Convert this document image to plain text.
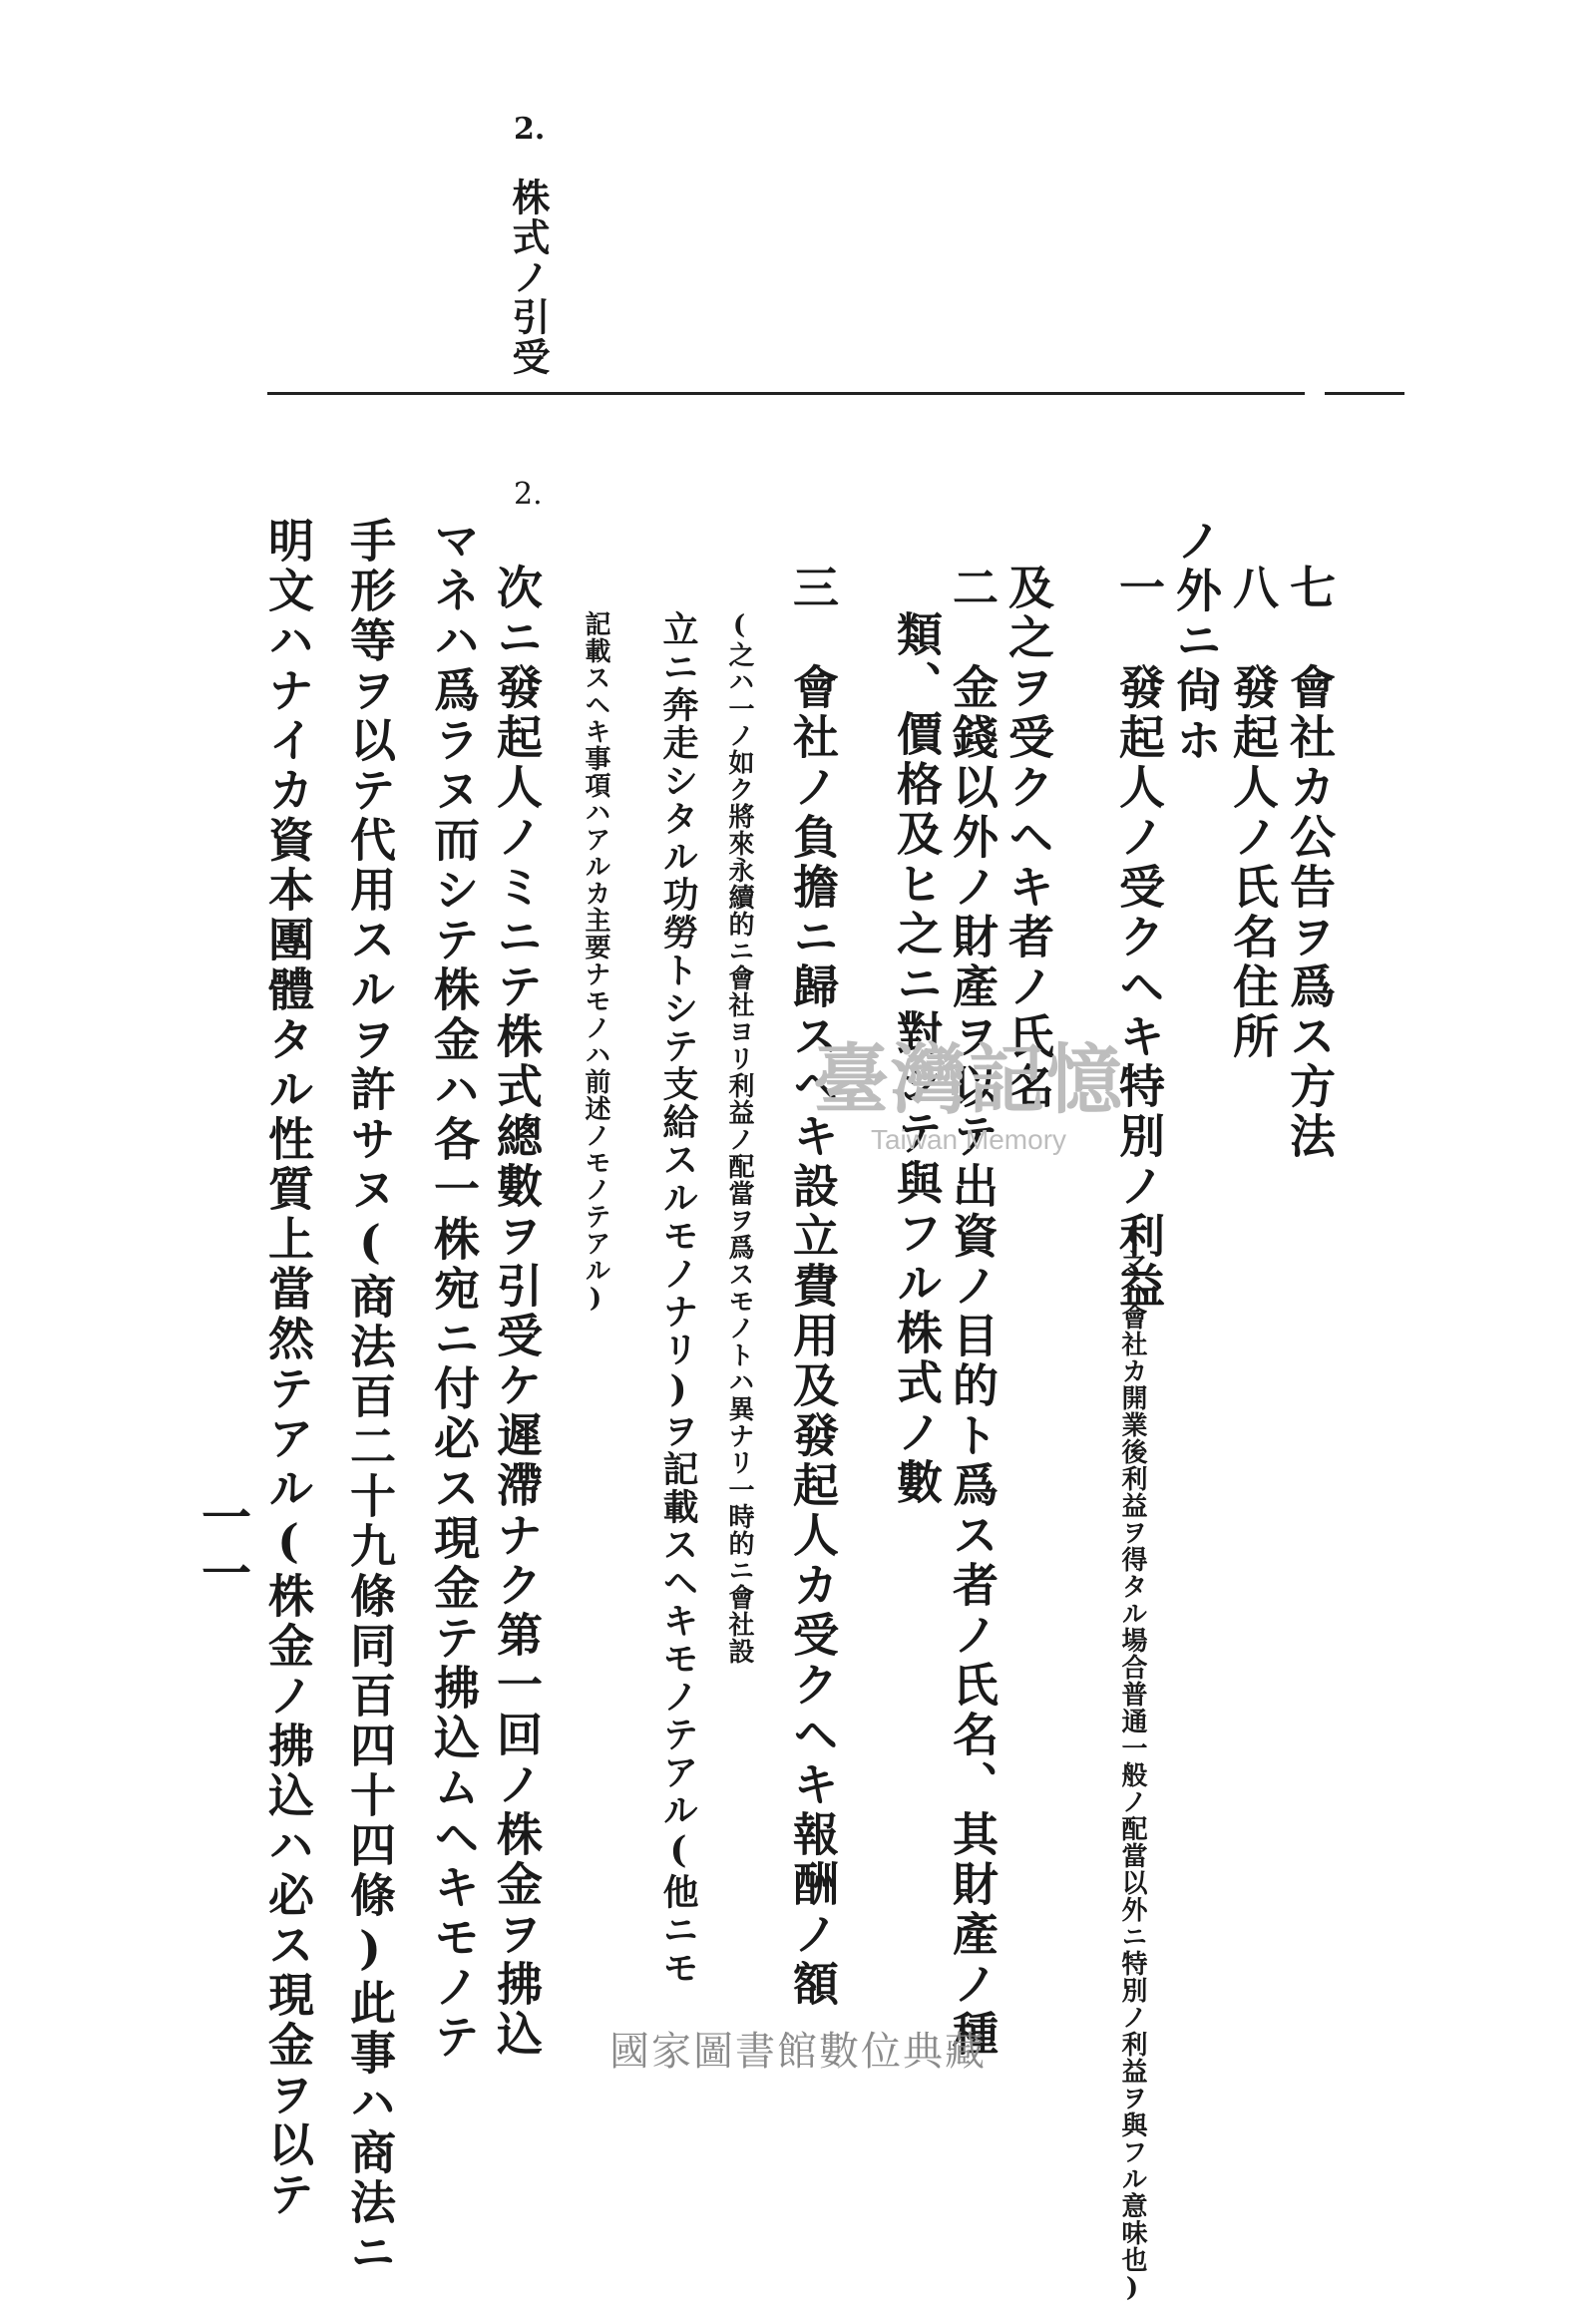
2.
株式ノ引受
七　會社カ公告ヲ爲ス方法
八　發起人ノ氏名住所
ノ外ニ尙ホ
一　發起人ノ受クヘキ特別ノ利益
(之ハ會社カ開業後利益ヲ得タル場合普通一般ノ配當以外ニ特別ノ利益ヲ與フル意味也)
及之ヲ受クヘキ者ノ氏名
二　金錢以外ノ財產ヲ以テ出資ノ目的ト爲ス者ノ氏名、其財產ノ種
類、價格及ヒ之ニ對シテ與フル株式ノ數
三　會社ノ負擔ニ歸スヘキ設立費用及發起人カ受クヘキ報酬ノ額
(之ハ一ノ如ク將來永續的ニ會社ヨリ利益ノ配當ヲ爲スモノトハ異ナリ一時的ニ會社設
立ニ奔走シタル功勞トシテ支給スルモノナリ)ヲ記載スヘキモノテアル(他ニモ
記載スヘキ事項ハアルカ主要ナモノハ前述ノモノテアル)
2.
次ニ發起人ノミニテ株式總數ヲ引受ケ遲滯ナク第一回ノ株金ヲ拂込
マネハ爲ラヌ而シテ株金ハ各一株宛ニ付必ス現金テ拂込ムヘキモノテ
手形等ヲ以テ代用スルヲ許サヌ(商法百二十九條同百四十四條)此事ハ商法ニ
明文ハナイカ資本團體タル性質上當然テアル(株金ノ拂込ハ必ス現金ヲ以テ
一一
臺灣記憶
Taiwan Memory
國家圖書館數位典藏
